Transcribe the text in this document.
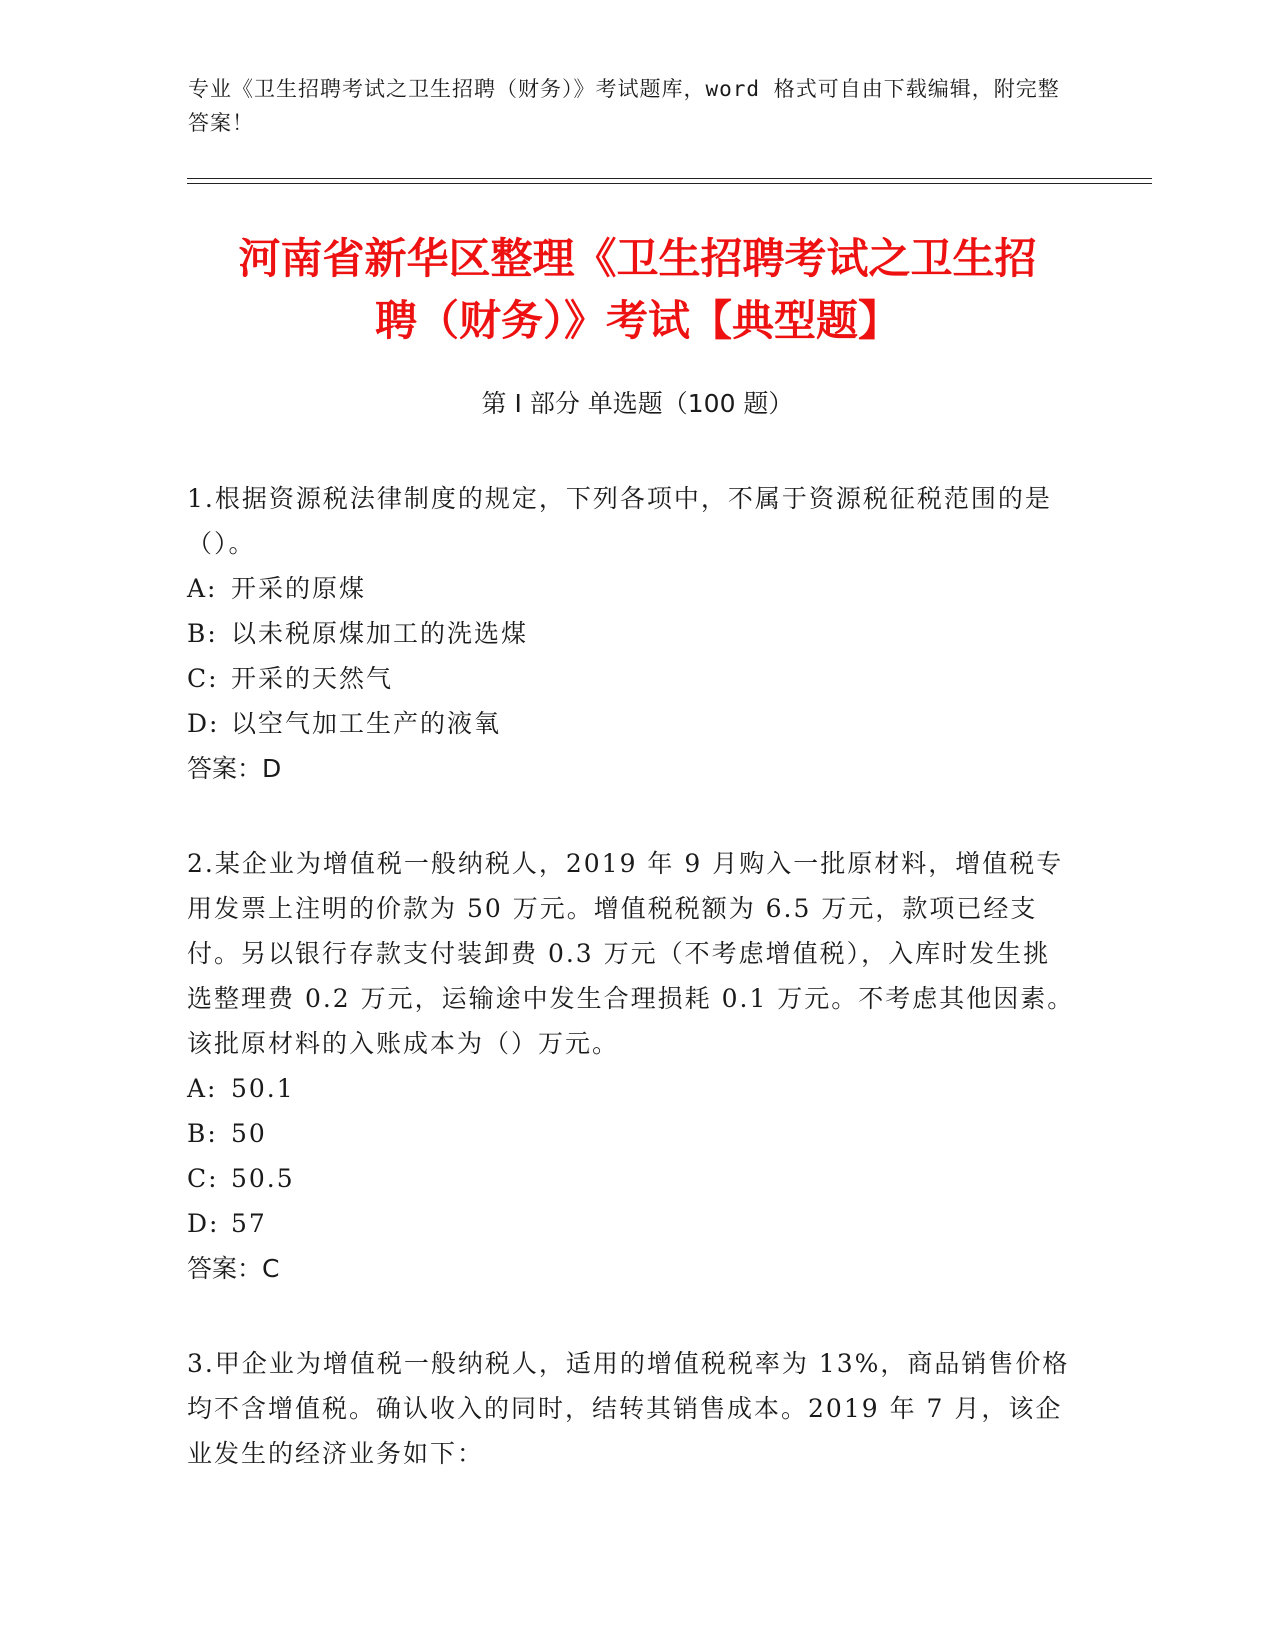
专业《卫生招聘考试之卫生招聘（财务）》考试题库，word 格式可自由下载编辑，附完整答案！
河南省新华区整理《卫生招聘考试之卫生招
聘（财务）》考试【典型题】
第 I 部分 单选题（100 题）

1.根据资源税法律制度的规定，下列各项中，不属于资源税征税范围的是（）。

A: 开采的原煤

B: 以未税原煤加工的洗选煤

C: 开采的天然气

D: 以空气加工生产的液氧

答案：D

2.某企业为增值税一般纳税人，2019 年 9 月购入一批原材料，增值税专用发票上注明的价款为 50 万元。增值税税额为 6.5 万元，款项已经支付。另以银行存款支付装卸费 0.3 万元（不考虑增值税），入库时发生挑选整理费 0.2 万元，运输途中发生合理损耗 0.1 万元。不考虑其他因素。该批原材料的入账成本为（）万元。

A: 50.1

B: 50

C: 50.5

D: 57

答案：C

3.甲企业为增值税一般纳税人，适用的增值税税率为 13%，商品销售价格均不含增值税。确认收入的同时，结转其销售成本。2019 年 7 月，该企业发生的经济业务如下：
